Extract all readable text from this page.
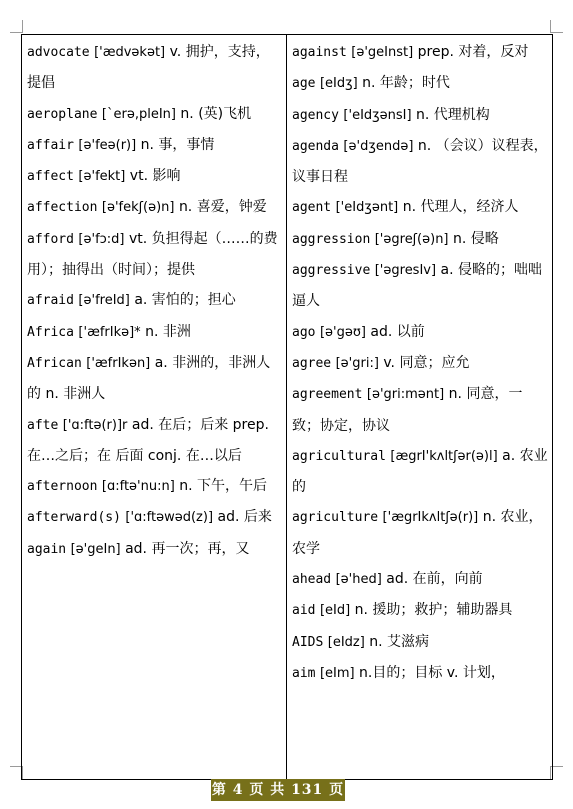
advocate ['ædvəkət] v. 拥护，支持，提倡
aeroplane [`erə,pleIn] n. (英)飞机
affair [ə'feə(r)] n. 事，事情
affect [ə'fekt] vt. 影响
affection [ə'fekʃ(ə)n] n. 喜爱，钟爱
afford [ə'fɔ:d] vt. 负担得起（……的费用）；抽得出（时间）；提供
afraid [ə'freId] a. 害怕的；担心
Africa ['æfrIkə]* n. 非洲
African ['æfrIkən] a. 非洲的，非洲人的 n. 非洲人
afte ['ɑ:ftə(r)]r ad. 在后；后来 prep. 在…之后；在 后面 conj. 在…以后
afternoon [ɑ:ftə'nu:n] n. 下午，午后
afterward(s) ['ɑ:ftəwəd(z)] ad. 后来
again [ə'geIn] ad. 再一次；再，又
against [ə'geInst] prep. 对着，反对
age [eIdʒ] n. 年龄；时代
agency ['eIdʒənsI] n. 代理机构
agenda [ə'dʒendə] n. （会议）议程表，议事日程
agent ['eIdʒənt] n. 代理人，经济人
aggression ['əgreʃ(ə)n] n. 侵略
aggressive ['əgresIv] a. 侵略的；咄咄逼人
ago [ə'gəʊ] ad. 以前
agree [ə'gri:] v. 同意；应允
agreement [ə'gri:mənt] n. 同意，一致；协定，协议
agricultural [ægrI'kʌltʃər(ə)l] a. 农业的
agriculture ['ægrIkʌltʃə(r)] n. 农业，农学
ahead [ə'hed] ad. 在前，向前
aid [eId] n. 援助；救护；辅助器具
AIDS [eIdz] n. 艾滋病
aim [eIm] n.目的；目标 v. 计划，
第 4 页 共 131 页
